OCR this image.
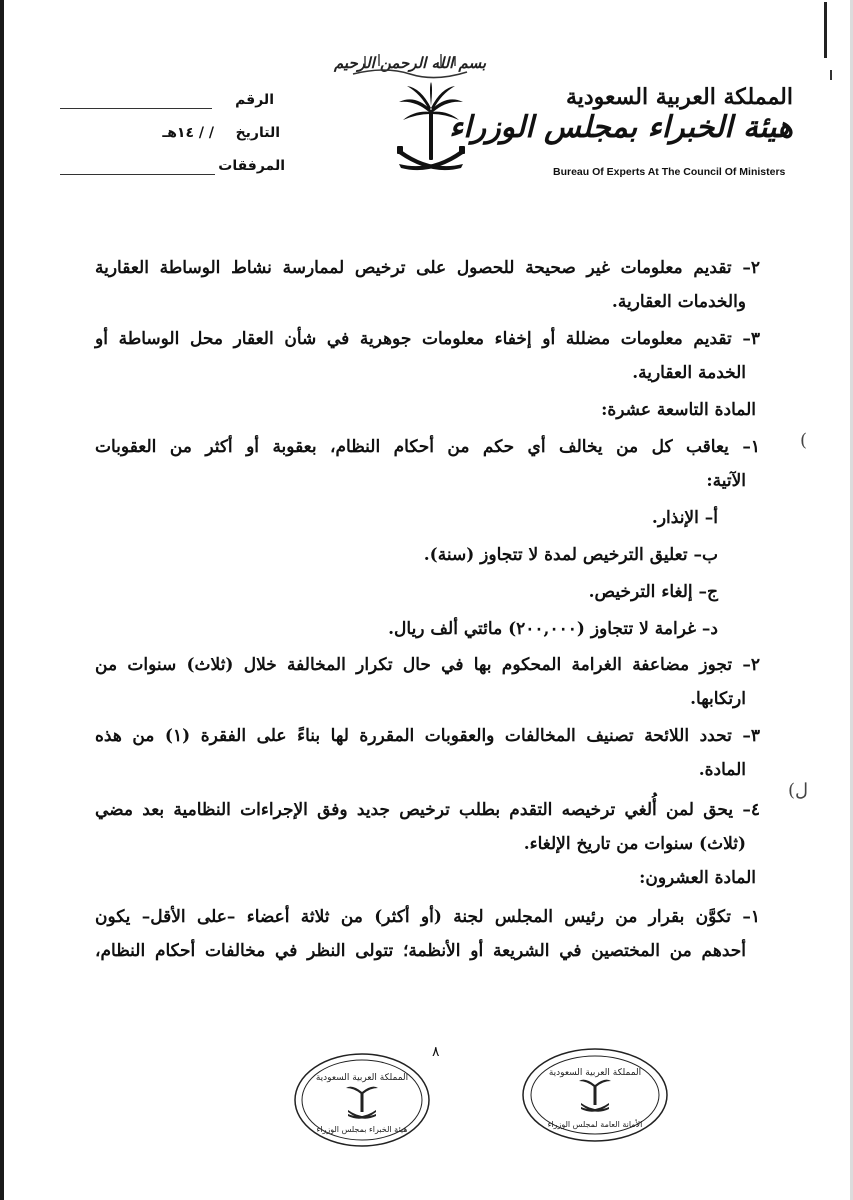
بسم الله الرحمن الرحيم
الرقم
التاريخ
/ / ١٤هـ
المرفقات
المملكة العربية السعودية
هيئة الخبراء بمجلس الوزراء
Bureau Of Experts At The Council Of Ministers
٢– تقديم معلومات غير صحيحة للحصول على ترخيص لممارسة نشاط الوساطة العقارية
والخدمات العقارية.
٣– تقديم معلومات مضللة أو إخفاء معلومات جوهرية في شأن العقار محل الوساطة أو
الخدمة العقارية.
المادة التاسعة عشرة:
١– يعاقب كل من يخالف أي حكم من أحكام النظام، بعقوبة أو أكثر من العقوبات
الآتية:
أ– الإنذار.
ب– تعليق الترخيص لمدة لا تتجاوز (سنة).
ج– إلغاء الترخيص.
د– غرامة لا تتجاوز (٢٠٠,٠٠٠) مائتي ألف ريال.
٢– تجوز مضاعفة الغرامة المحكوم بها في حال تكرار المخالفة خلال (ثلاث) سنوات من
ارتكابها.
٣– تحدد اللائحة تصنيف المخالفات والعقوبات المقررة لها بناءً على الفقرة (١) من هذه
المادة.
٤– يحق لمن أُلغي ترخيصه التقدم بطلب ترخيص جديد وفق الإجراءات النظامية بعد مضي
(ثلاث) سنوات من تاريخ الإلغاء.
المادة العشرون:
١– تكوَّن بقرار من رئيس المجلس لجنة (أو أكثر) من ثلاثة أعضاء –على الأقل– يكون
أحدهم من المختصين في الشريعة أو الأنظمة؛ تتولى النظر في مخالفات أحكام النظام،
(
(ل
٨
المملكة العربية السعودية
هيئة الخبراء بمجلس الوزراء
المملكة العربية السعودية
الأمانة العامة لمجلس الوزراء
